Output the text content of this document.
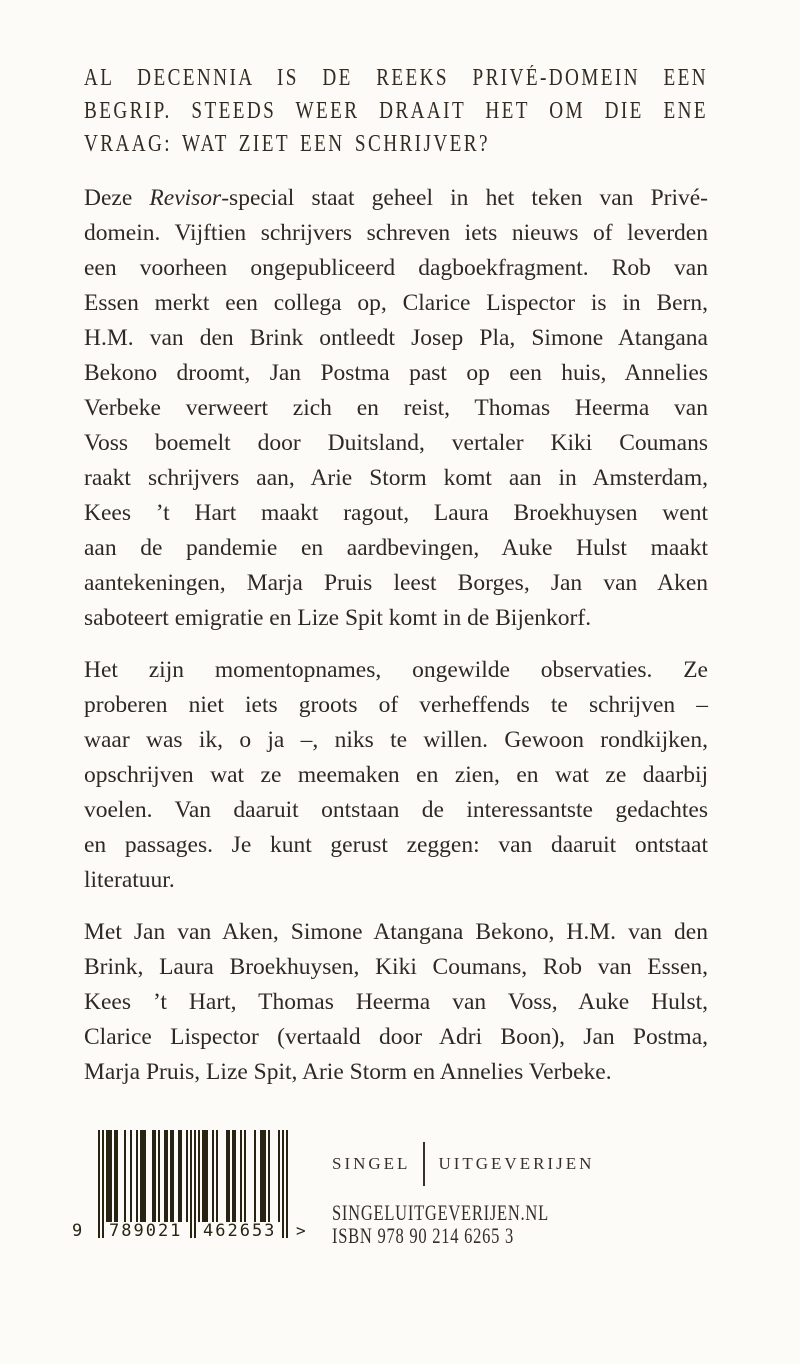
AL DECENNIA IS DE REEKS PRIVÉ-DOMEIN EEN
BEGRIP. STEEDS WEER DRAAIT HET OM DIE ENE
VRAAG: WAT ZIET EEN SCHRIJVER?
Deze Revisor-special staat geheel in het teken van Privé-
domein. Vijftien schrijvers schreven iets nieuws of leverden
een voorheen ongepubliceerd dagboekfragment. Rob van
Essen merkt een collega op, Clarice Lispector is in Bern,
H.M. van den Brink ontleedt Josep Pla, Simone Atangana
Bekono droomt, Jan Postma past op een huis, Annelies
Verbeke verweert zich en reist, Thomas Heerma van
Voss boemelt door Duitsland, vertaler Kiki Coumans
raakt schrijvers aan, Arie Storm komt aan in Amsterdam,
Kees ’t Hart maakt ragout, Laura Broekhuysen went
aan de pandemie en aardbevingen, Auke Hulst maakt
aantekeningen, Marja Pruis leest Borges, Jan van Aken
saboteert emigratie en Lize Spit komt in de Bijenkorf.
Het zijn momentopnames, ongewilde observaties. Ze
proberen niet iets groots of verheffends te schrijven –
waar was ik, o ja –, niks te willen. Gewoon rondkijken,
opschrijven wat ze meemaken en zien, en wat ze daarbij
voelen. Van daaruit ontstaan de interessantste gedachtes
en passages. Je kunt gerust zeggen: van daaruit ontstaat
literatuur.
Met Jan van Aken, Simone Atangana Bekono, H.M. van den
Brink, Laura Broekhuysen, Kiki Coumans, Rob van Essen,
Kees ’t Hart, Thomas Heerma van Voss, Auke Hulst,
Clarice Lispector (vertaald door Adri Boon), Jan Postma,
Marja Pruis, Lize Spit, Arie Storm en Annelies Verbeke.
9 789021 462653 >
SINGEL UITGEVERIJEN
SINGELUITGEVERIJEN.NL
ISBN 978 90 214 6265 3
